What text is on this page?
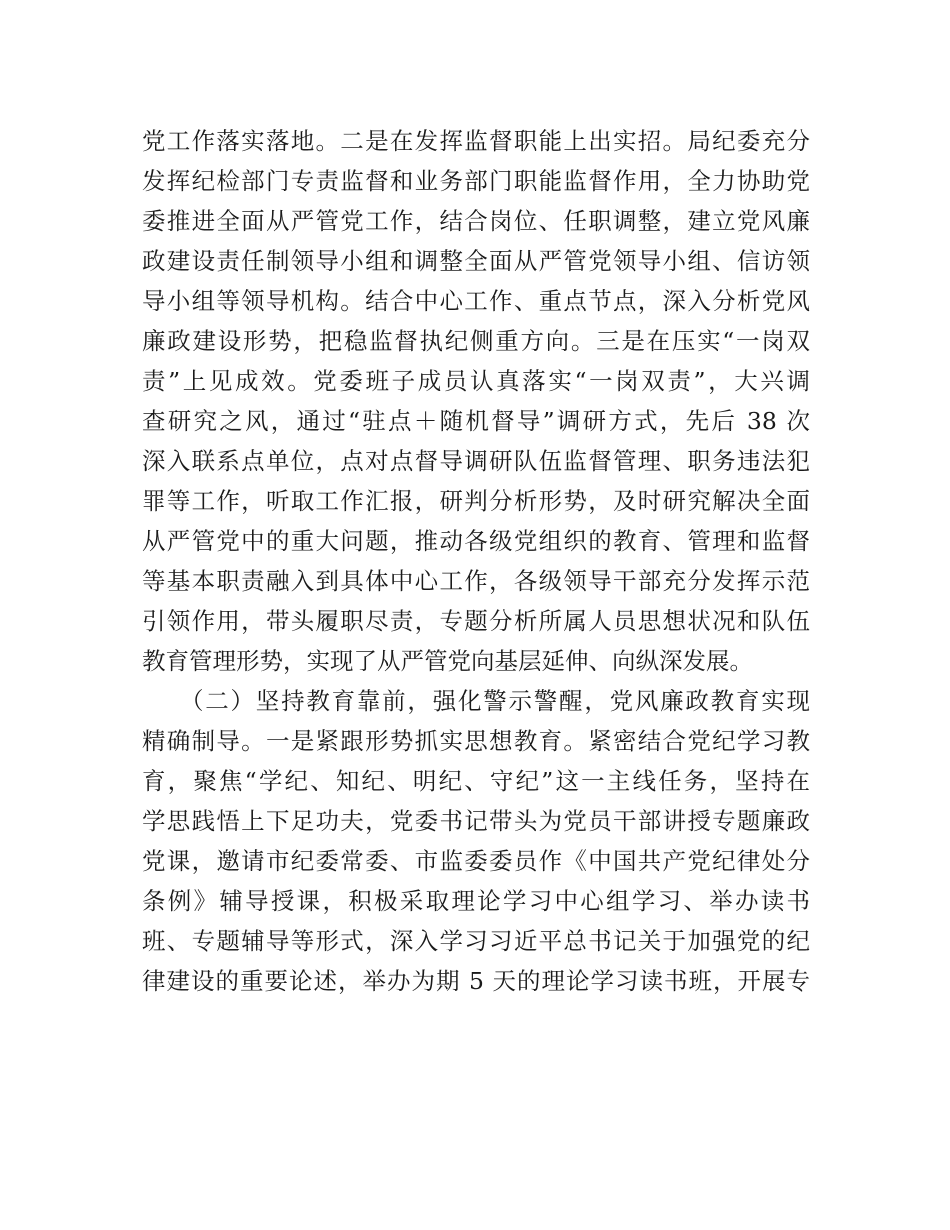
党工作落实落地。二是在发挥监督职能上出实招。局纪委充分
发挥纪检部门专责监督和业务部门职能监督作用，全力协助党
委推进全面从严管党工作，结合岗位、任职调整，建立党风廉
政建设责任制领导小组和调整全面从严管党领导小组、信访领
导小组等领导机构。结合中心工作、重点节点，深入分析党风
廉政建设形势，把稳监督执纪侧重方向。三是在压实“一岗双
责”上见成效。党委班子成员认真落实“一岗双责”，大兴调
查研究之风，通过“驻点＋随机督导”调研方式，先后 38 次
深入联系点单位，点对点督导调研队伍监督管理、职务违法犯
罪等工作，听取工作汇报，研判分析形势，及时研究解决全面
从严管党中的重大问题，推动各级党组织的教育、管理和监督
等基本职责融入到具体中心工作，各级领导干部充分发挥示范
引领作用，带头履职尽责，专题分析所属人员思想状况和队伍
教育管理形势，实现了从严管党向基层延伸、向纵深发展。
（二）坚持教育靠前，强化警示警醒，党风廉政教育实现
精确制导。一是紧跟形势抓实思想教育。紧密结合党纪学习教
育，聚焦“学纪、知纪、明纪、守纪”这一主线任务，坚持在
学思践悟上下足功夫，党委书记带头为党员干部讲授专题廉政
党课，邀请市纪委常委、市监委委员作《中国共产党纪律处分
条例》辅导授课，积极采取理论学习中心组学习、举办读书
班、专题辅导等形式，深入学习习近平总书记关于加强党的纪
律建设的重要论述，举办为期 5 天的理论学习读书班，开展专
